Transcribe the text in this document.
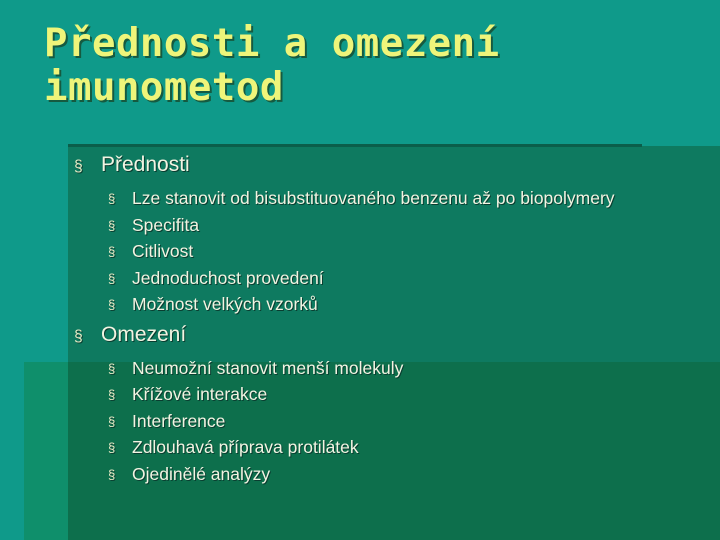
Přednosti a omezení
imunometod
§ Přednosti
§ Lze stanovit od bisubstituovaného benzenu až po biopolymery
§ Specifita
§ Citlivost
§ Jednoduchost provedení
§ Možnost velkých vzorků
§ Omezení
§ Neumožní stanovit menší molekuly
§ Křížové interakce
§ Interference
§ Zdlouhavá příprava protilátek
§ Ojedinělé analýzy
